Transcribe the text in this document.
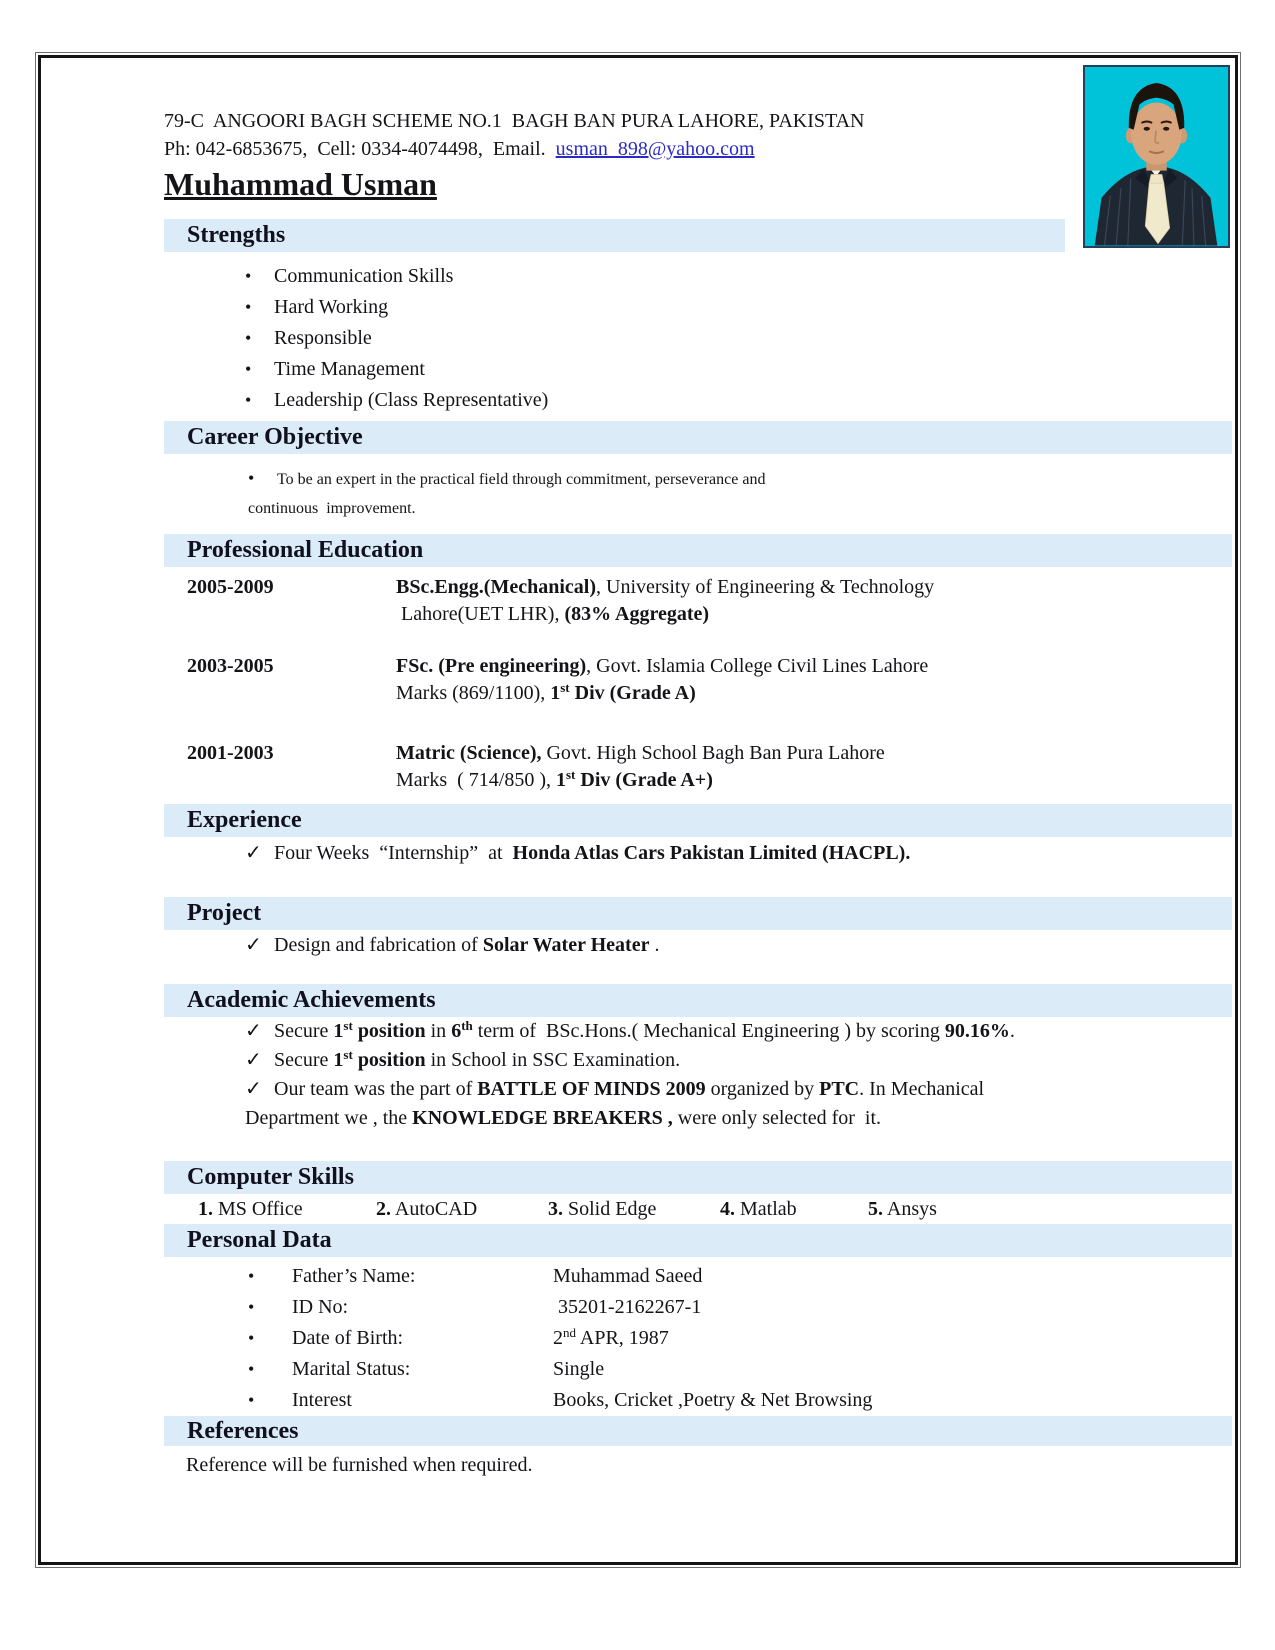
79-C  ANGOORI BAGH SCHEME NO.1  BAGH BAN PURA LAHORE, PAKISTAN
Ph: 042-6853675,  Cell: 0334-4074498,  Email.  usman_898@yahoo.com

Muhammad Usman

Strengths
• Communication Skills
• Hard Working
• Responsible
• Time Management
• Leadership (Class Representative)
Career Objective
• To be an expert in the practical field through commitment, perseverance and
continuous  improvement.
Professional Education
2005-2009	BSc.Engg.(Mechanical), University of Engineering & Technology
Lahore(UET LHR), (83% Aggregate)
2003-2005	FSc. (Pre engineering), Govt. Islamia College Civil Lines Lahore
Marks (869/1100), 1st Div (Grade A)
2001-2003	Matric (Science), Govt. High School Bagh Ban Pura Lahore
Marks  ( 714/850 ), 1st Div (Grade A+)
Experience
✓ Four Weeks  “Internship”  at  Honda Atlas Cars Pakistan Limited (HACPL).
Project
✓ Design and fabrication of Solar Water Heater .
Academic Achievements
✓ Secure 1st position in 6th term of  BSc.Hons.( Mechanical Engineering ) by scoring 90.16%.
✓ Secure 1st position in School in SSC Examination.
✓ Our team was the part of BATTLE OF MINDS 2009 organized by PTC. In Mechanical
Department we , the KNOWLEDGE BREAKERS , were only selected for  it.
Computer Skills
1. MS Office	2. AutoCAD	3. Solid Edge	4. Matlab	5. Ansys
Personal Data
•	Father’s Name:	Muhammad Saeed
•	ID No:	35201-2162267-1
•	Date of Birth:	2nd APR, 1987
•	Marital Status:	Single
•	Interest	Books, Cricket ,Poetry & Net Browsing
References
Reference will be furnished when required.
